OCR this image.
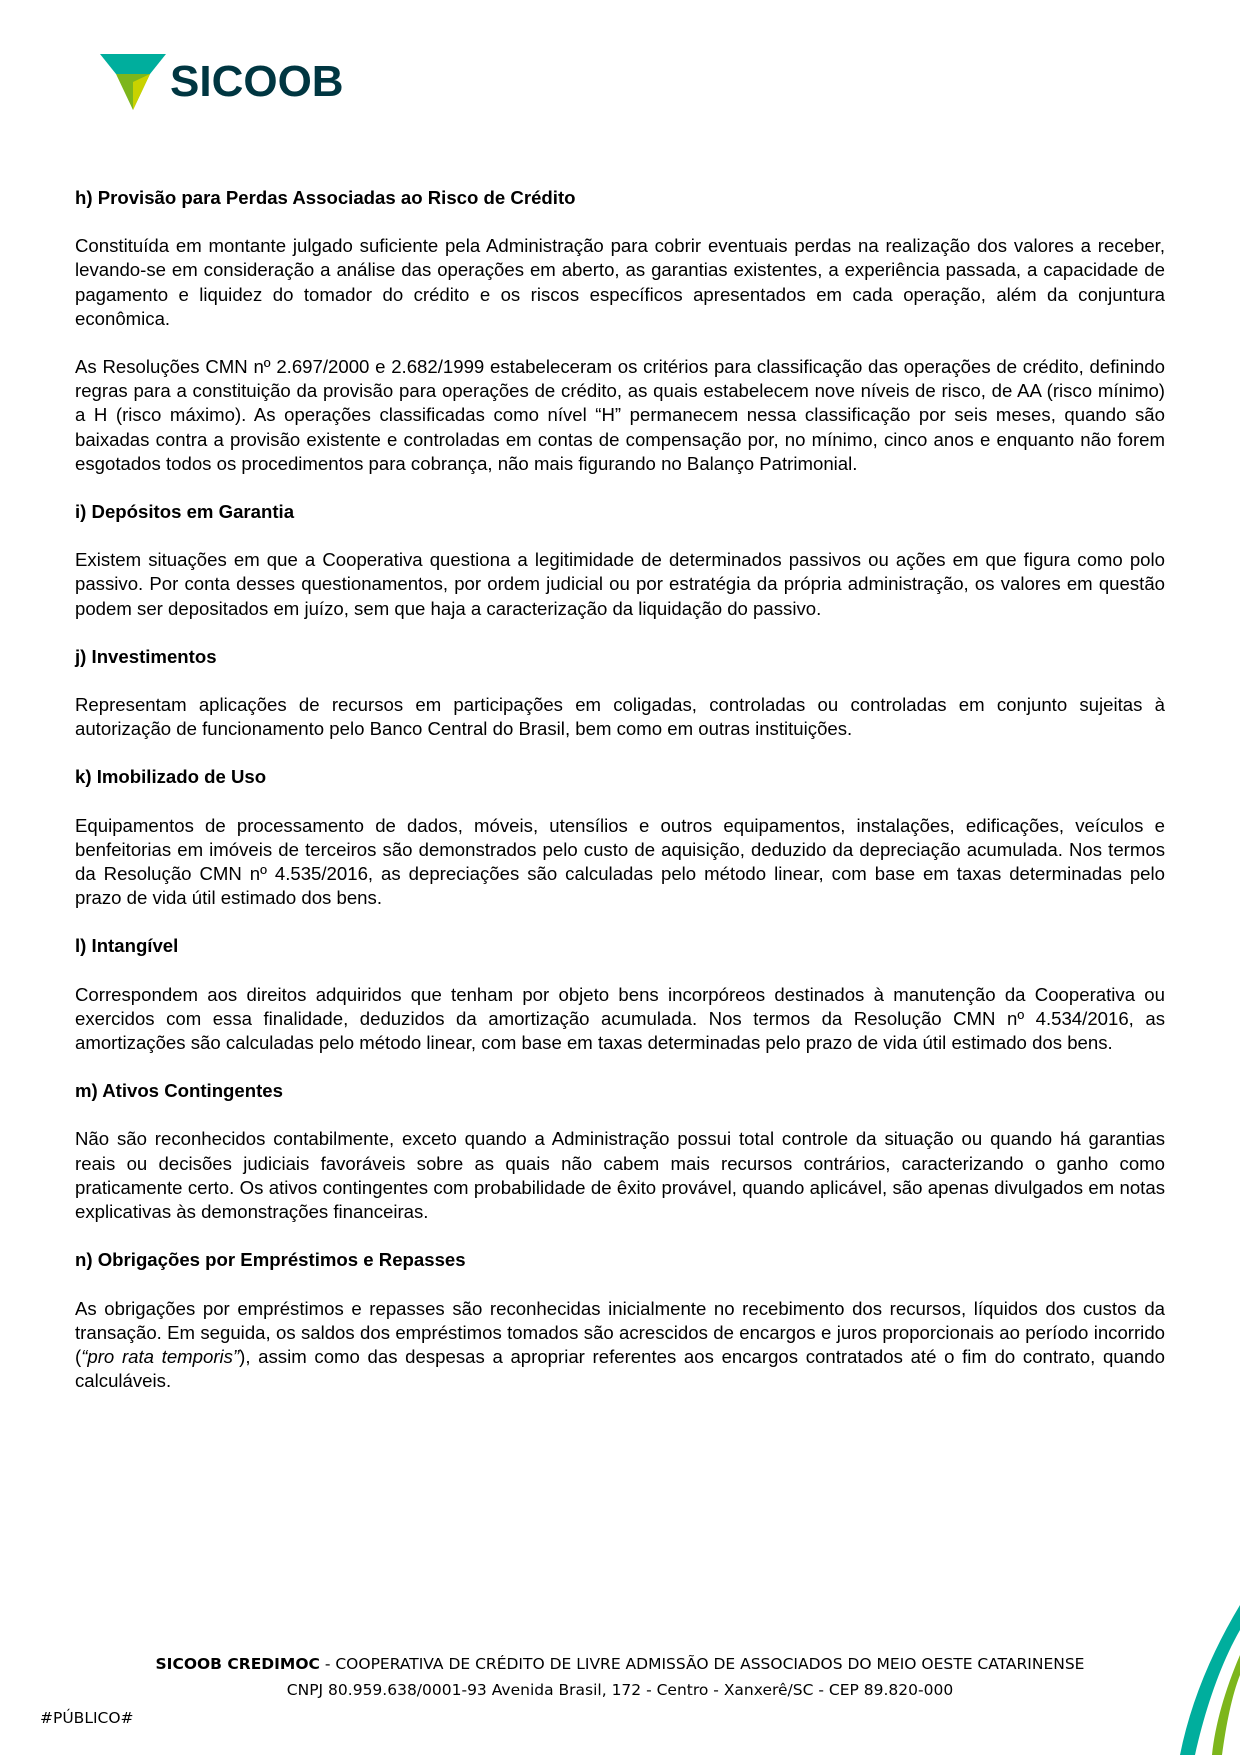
SICOOB

h) Provisão para Perdas Associadas ao Risco de Crédito

Constituída em montante julgado suficiente pela Administração para cobrir eventuais perdas na realização dos valores a receber, levando-se em consideração a análise das operações em aberto, as garantias existentes, a experiência passada, a capacidade de pagamento e liquidez do tomador do crédito e os riscos específicos apresentados em cada operação, além da conjuntura econômica.

As Resoluções CMN nº 2.697/2000 e 2.682/1999 estabeleceram os critérios para classificação das operações de crédito, definindo regras para a constituição da provisão para operações de crédito, as quais estabelecem nove níveis de risco, de AA (risco mínimo) a H (risco máximo). As operações classificadas como nível “H” permanecem nessa classificação por seis meses, quando são baixadas contra a provisão existente e controladas em contas de compensação por, no mínimo, cinco anos e enquanto não forem esgotados todos os procedimentos para cobrança, não mais figurando no Balanço Patrimonial.

i) Depósitos em Garantia

Existem situações em que a Cooperativa questiona a legitimidade de determinados passivos ou ações em que figura como polo passivo. Por conta desses questionamentos, por ordem judicial ou por estratégia da própria administração, os valores em questão podem ser depositados em juízo, sem que haja a caracterização da liquidação do passivo.

j) Investimentos

Representam aplicações de recursos em participações em coligadas, controladas ou controladas em conjunto sujeitas à autorização de funcionamento pelo Banco Central do Brasil, bem como em outras instituições.

k) Imobilizado de Uso

Equipamentos de processamento de dados, móveis, utensílios e outros equipamentos, instalações, edificações, veículos e benfeitorias em imóveis de terceiros são demonstrados pelo custo de aquisição, deduzido da depreciação acumulada. Nos termos da Resolução CMN nº 4.535/2016, as depreciações são calculadas pelo método linear, com base em taxas determinadas pelo prazo de vida útil estimado dos bens.

l) Intangível

Correspondem aos direitos adquiridos que tenham por objeto bens incorpóreos destinados à manutenção da Cooperativa ou exercidos com essa finalidade, deduzidos da amortização acumulada. Nos termos da Resolução CMN nº 4.534/2016, as amortizações são calculadas pelo método linear, com base em taxas determinadas pelo prazo de vida útil estimado dos bens.

m) Ativos Contingentes

Não são reconhecidos contabilmente, exceto quando a Administração possui total controle da situação ou quando há garantias reais ou decisões judiciais favoráveis sobre as quais não cabem mais recursos contrários, caracterizando o ganho como praticamente certo. Os ativos contingentes com probabilidade de êxito provável, quando aplicável, são apenas divulgados em notas explicativas às demonstrações financeiras.

n) Obrigações por Empréstimos e Repasses

As obrigações por empréstimos e repasses são reconhecidas inicialmente no recebimento dos recursos, líquidos dos custos da transação. Em seguida, os saldos dos empréstimos tomados são acrescidos de encargos e juros proporcionais ao período incorrido (“pro rata temporis”), assim como das despesas a apropriar referentes aos encargos contratados até o fim do contrato, quando calculáveis.

SICOOB CREDIMOC - COOPERATIVA DE CRÉDITO DE LIVRE ADMISSÃO DE ASSOCIADOS DO MEIO OESTE CATARINENSE
CNPJ 80.959.638/0001-93 Avenida Brasil, 172 - Centro - Xanxerê/SC - CEP 89.820-000
#PÚBLICO#
